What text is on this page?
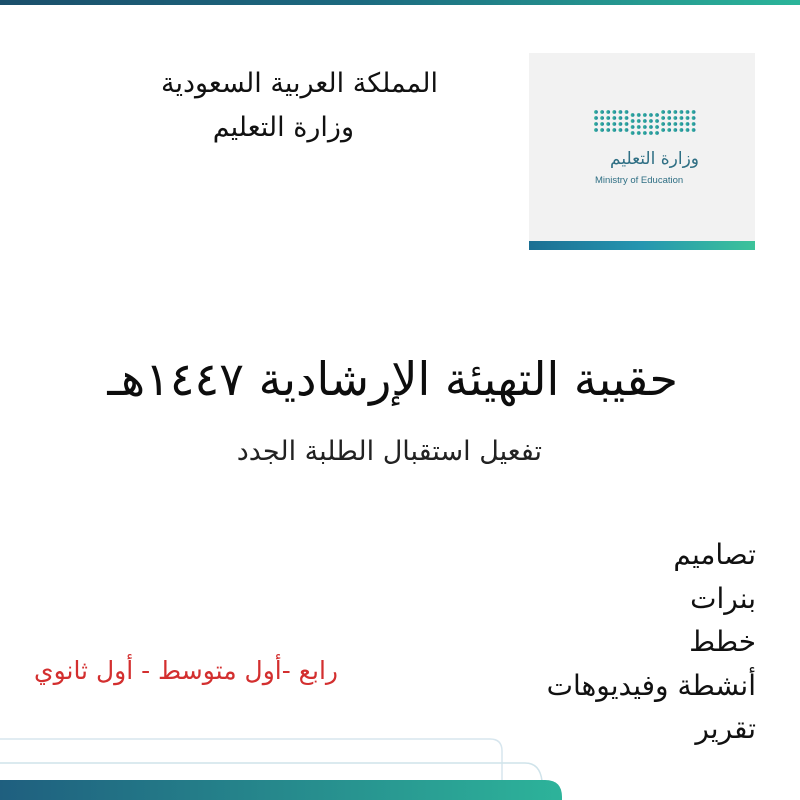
المملكة العربية السعودية
وزارة التعليم
وزارة التعليم
Ministry of Education
حقيبة التهيئة الإرشادية ١٤٤٧هـ
تفعيل استقبال الطلبة الجدد
تصاميم
بنرات
خطط
أنشطة وفيديوهات
تقرير
رابع -أول متوسط - أول ثانوي
